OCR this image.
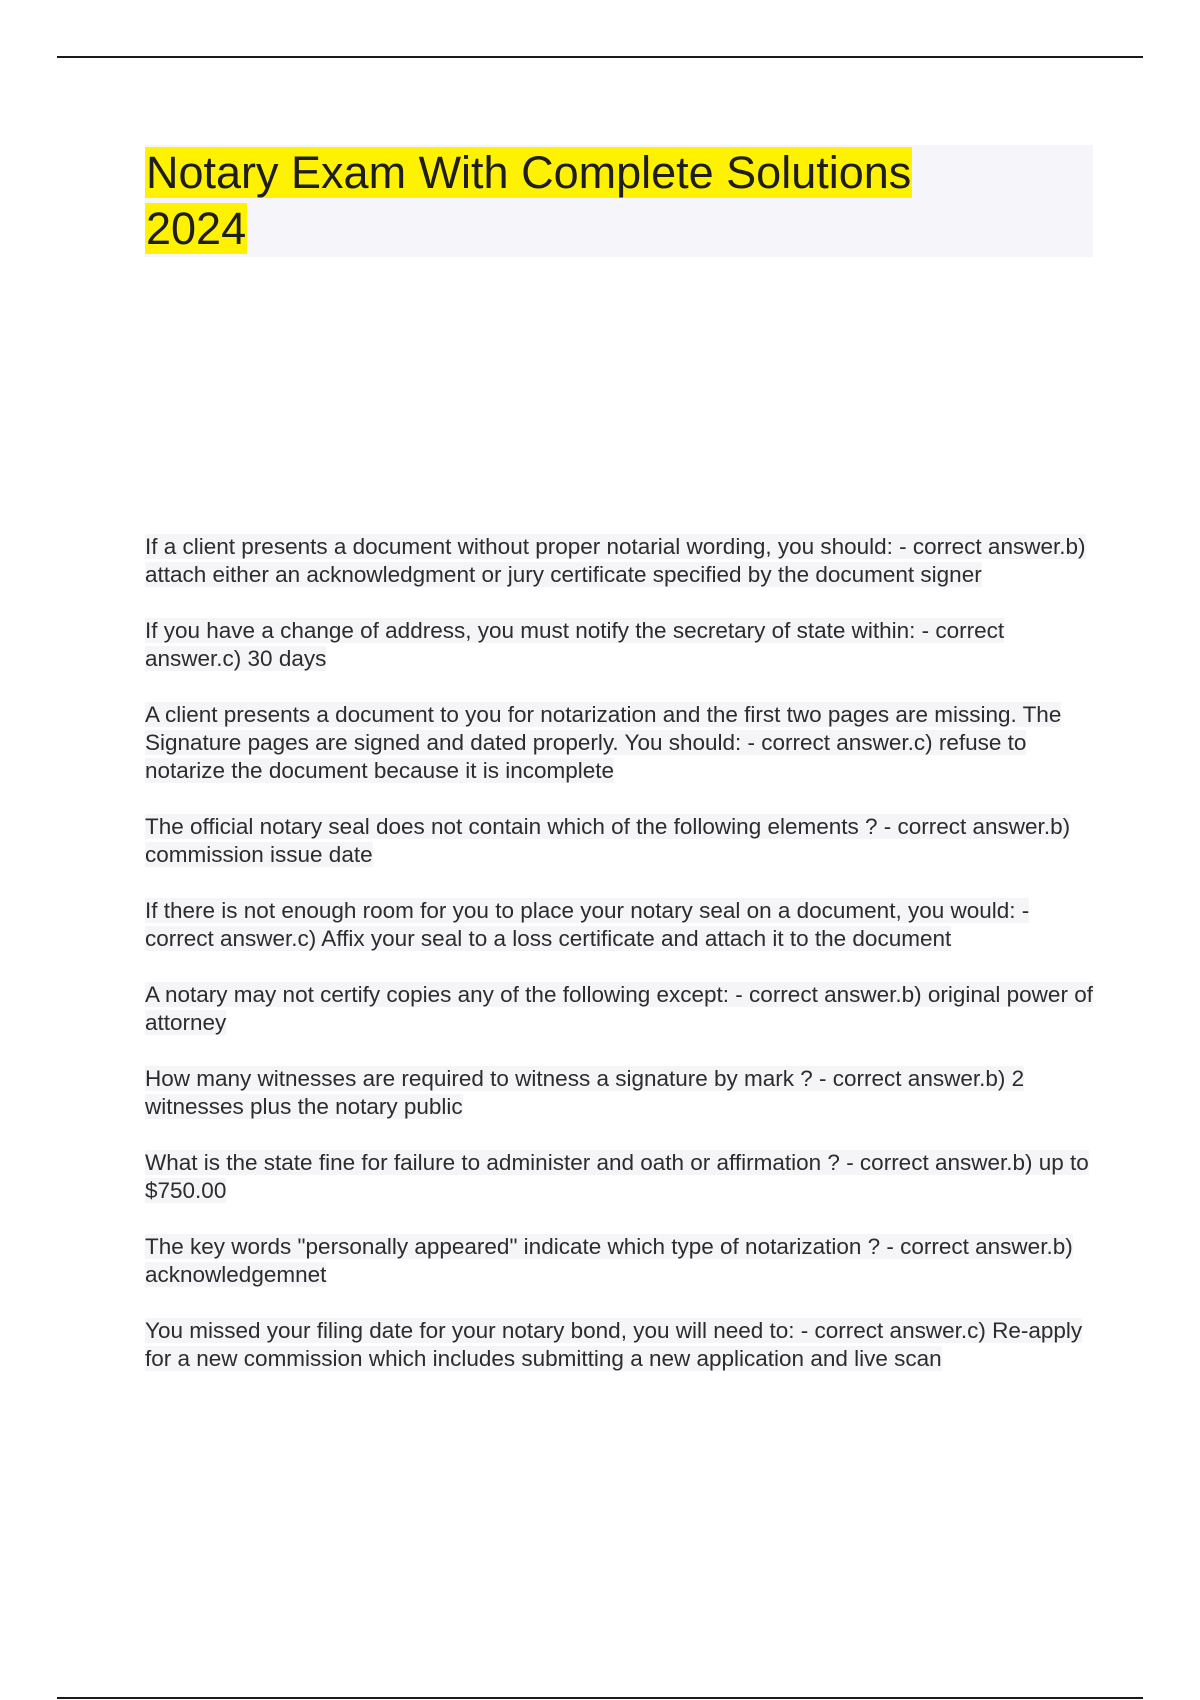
Notary Exam With Complete Solutions 2024

If a client presents a document without proper notarial wording, you should: - correct answer.b) attach either an acknowledgment or jury certificate specified by the document signer

If you have a change of address, you must notify the secretary of state within: - correct answer.c) 30 days

A client presents a document to you for notarization and the first two pages are missing. The Signature pages are signed and dated properly. You should: - correct answer.c) refuse to notarize the document because it is incomplete

The official notary seal does not contain which of the following elements ? - correct answer.b) commission issue date

If there is not enough room for you to place your notary seal on a document, you would: - correct answer.c) Affix your seal to a loss certificate and attach it to the document

A notary may not certify copies any of the following except: - correct answer.b) original power of attorney

How many witnesses are required to witness a signature by mark ? - correct answer.b) 2 witnesses plus the notary public

What is the state fine for failure to administer and oath or affirmation ? - correct answer.b) up to $750.00

The key words "personally appeared" indicate which type of notarization ? - correct answer.b) acknowledgemnet

You missed your filing date for your notary bond, you will need to: - correct answer.c) Re-apply for a new commission which includes submitting a new application and live scan
